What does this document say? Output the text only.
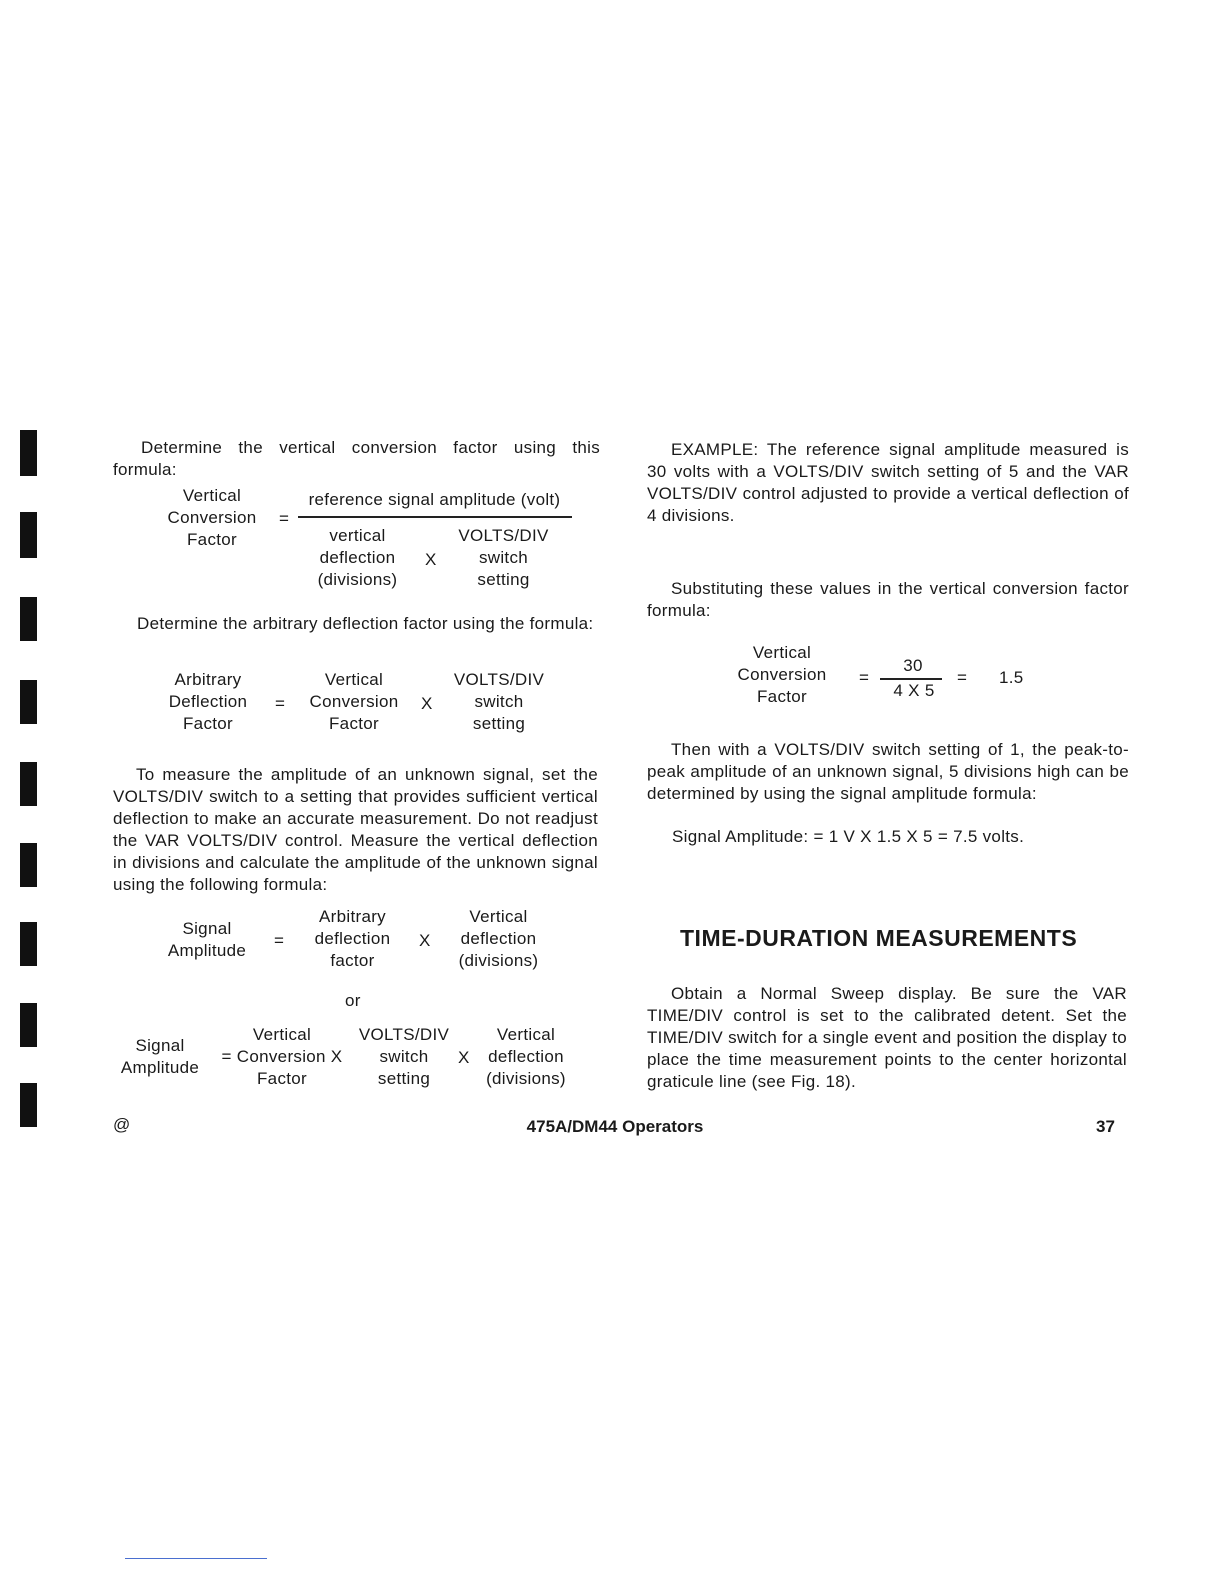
Determine the vertical conversion factor using this formula:
Vertical
Conversion
Factor
=
reference signal amplitude (volt)
vertical
deflection
(divisions)
X
VOLTS/DIV
switch
setting
Determine the arbitrary deflection factor using the formula:
Arbitrary
Deflection
Factor
=
Vertical
Conversion
Factor
X
VOLTS/DIV
switch
setting
To measure the amplitude of an unknown signal, set the VOLTS/DIV switch to a setting that provides sufficient vertical deflection to make an accurate measurement. Do not readjust the VAR VOLTS/DIV control. Measure the vertical deflection in divisions and calculate the amplitude of the unknown signal using the following formula:
Signal
Amplitude
=
Arbitrary
deflection
factor
X
Vertical
deflection
(divisions)
or
Signal
Amplitude
Vertical
= Conversion X
Factor
VOLTS/DIV
switch
setting
X
Vertical
deflection
(divisions)
EXAMPLE: The reference signal amplitude measured is 30 volts with a VOLTS/DIV switch setting of 5 and the VAR VOLTS/DIV control adjusted to provide a vertical deflection of 4 divisions.
Substituting these values in the vertical conversion factor formula:
Vertical
Conversion
Factor
=
30
4 X 5
= 1.5
Then with a VOLTS/DIV switch setting of 1, the peak-to-peak amplitude of an unknown signal, 5 divisions high can be determined by using the signal amplitude formula:
Signal Amplitude: = 1 V X 1.5 X 5 = 7.5 volts.
TIME-DURATION MEASUREMENTS
Obtain a Normal Sweep display. Be sure the VAR TIME/DIV control is set to the calibrated detent. Set the TIME/DIV switch for a single event and position the display to place the time measurement points to the center horizontal graticule line (see Fig. 18).
@	475A/DM44 Operators	37
